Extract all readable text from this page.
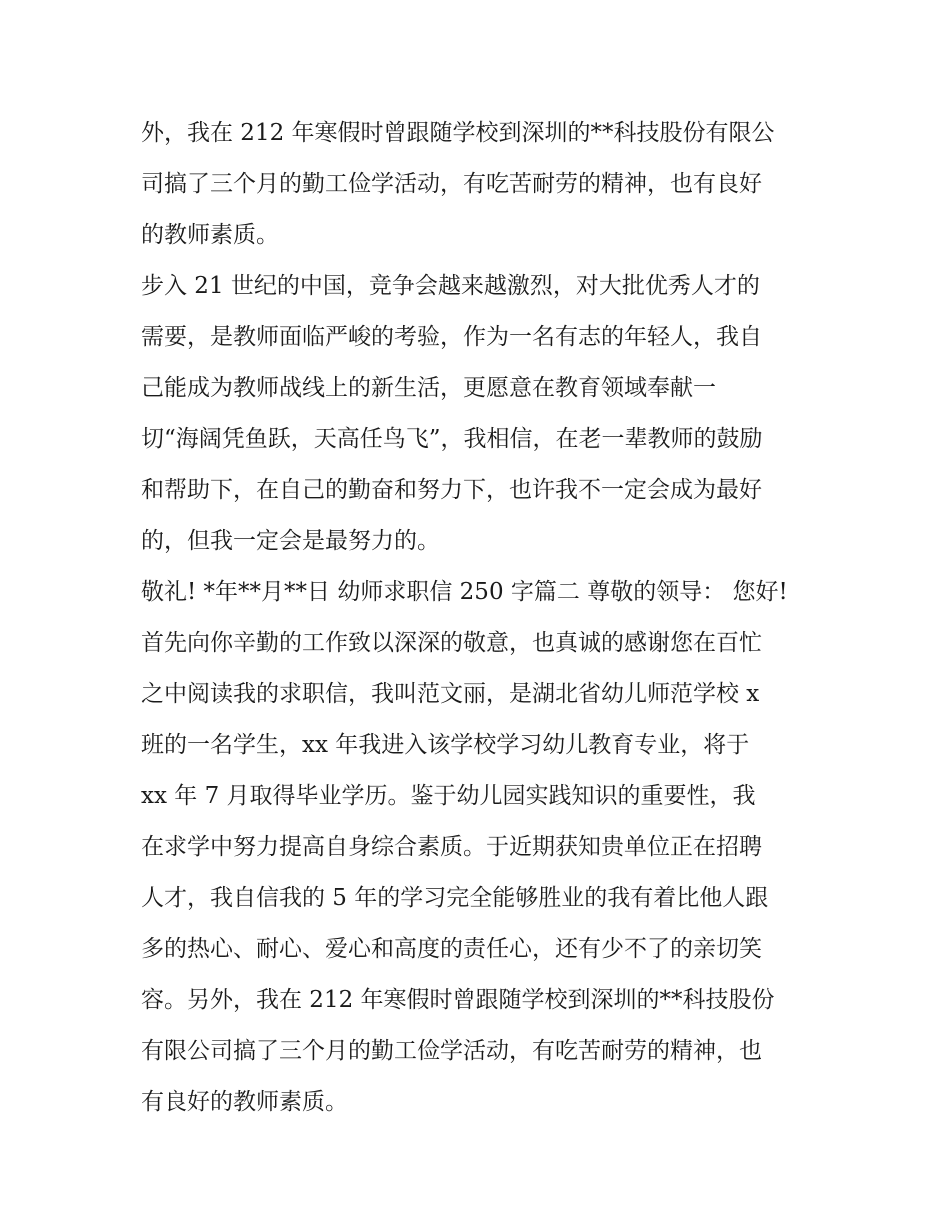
外，我在 212 年寒假时曾跟随学校到深圳的**科技股份有限公
司搞了三个月的勤工俭学活动，有吃苦耐劳的精神，也有良好
的教师素质。
步入 21 世纪的中国，竞争会越来越激烈，对大批优秀人才的
需要，是教师面临严峻的考验，作为一名有志的年轻人，我自
己能成为教师战线上的新生活，更愿意在教育领域奉献一
切“海阔凭鱼跃，天高任鸟飞”，我相信，在老一辈教师的鼓励
和帮助下，在自己的勤奋和努力下，也许我不一定会成为最好
的，但我一定会是最努力的。
敬礼! *年**月**日 幼师求职信 250 字篇二 尊敬的领导： 您好!
首先向你辛勤的工作致以深深的敬意，也真诚的感谢您在百忙
之中阅读我的求职信，我叫范文丽，是湖北省幼儿师范学校 x
班的一名学生，xx 年我进入该学校学习幼儿教育专业，将于
xx 年 7 月取得毕业学历。鉴于幼儿园实践知识的重要性，我
在求学中努力提高自身综合素质。于近期获知贵单位正在招聘
人才，我自信我的 5 年的学习完全能够胜业的我有着比他人跟
多的热心、耐心、爱心和高度的责任心，还有少不了的亲切笑
容。另外，我在 212 年寒假时曾跟随学校到深圳的**科技股份
有限公司搞了三个月的勤工俭学活动，有吃苦耐劳的精神，也
有良好的教师素质。
